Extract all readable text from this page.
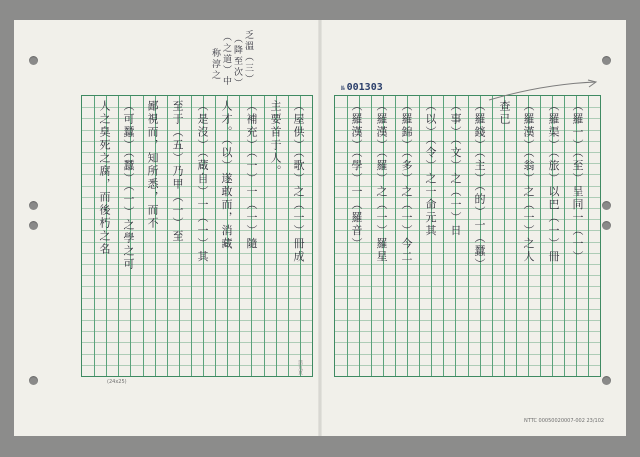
№ 001303
乏溫（三）
（降至次）
（之道）中
称淳之
人之臭死之腐，而後朽之名 （可蠶）（蠶）（一）之學之可 鄙視而，知所悉，而不 至于（五）乃甲（一）至 （是沒）（蔵自）一（一）其 人才。（以）遂敢而，消藏 （補充）（一）一（一）隨 主要首于人。 （屋供）（歌）之（一）冊成	（羅漢）（學）一（羅音） （羅漢）（羅）之（一）羅星 （羅錦）（多）之（一）今二 （以）（令）之一命元其 （事）（文）之（一）日 （羅錢）（主）（的）一（蠶） 查已 （羅漢）（翁）之（一）之人 （羅渠）（旅）以巴（一）冊 （羅一）（至）呈同一（一）
第九頁
(24x25)
NTTC 00050020007-002 23/102
